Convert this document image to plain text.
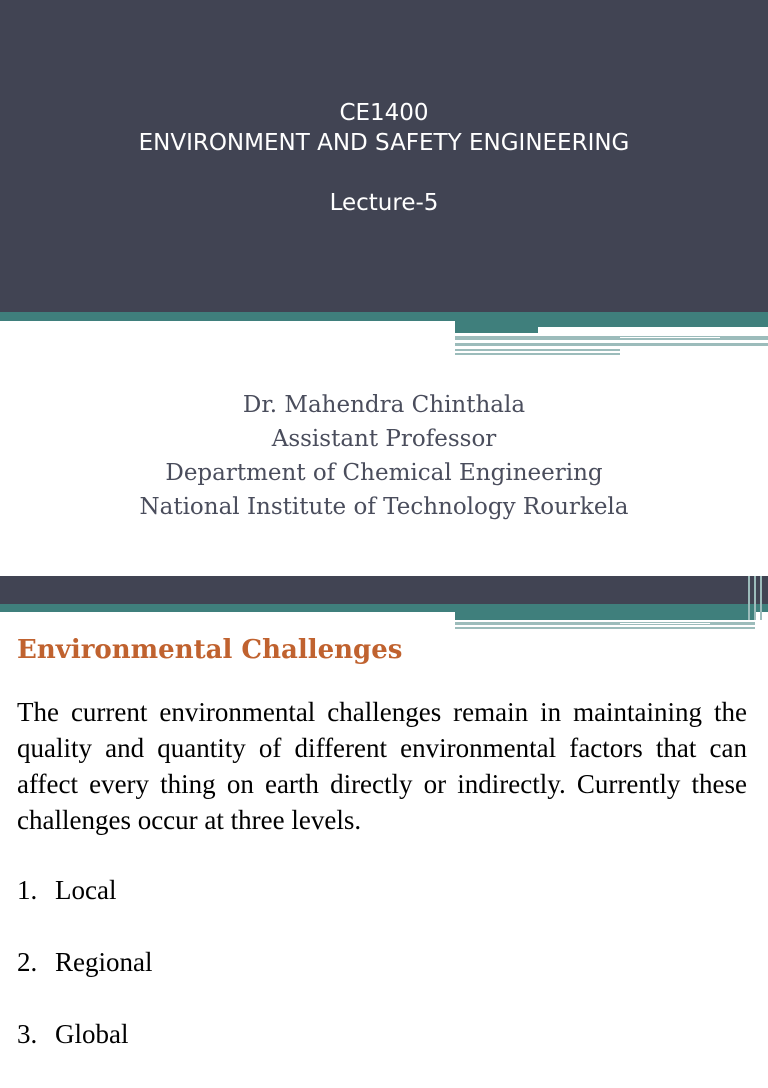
CE1400
ENVIRONMENT AND SAFETY ENGINEERING
Lecture-5
Dr. Mahendra Chinthala
Assistant Professor
Department of Chemical Engineering
National Institute of Technology Rourkela
Environmental Challenges

The current environmental challenges remain in maintaining the quality and quantity of different environmental factors that can affect every thing on earth directly or indirectly. Currently these challenges occur at three levels.

1. Local
2. Regional
3. Global
